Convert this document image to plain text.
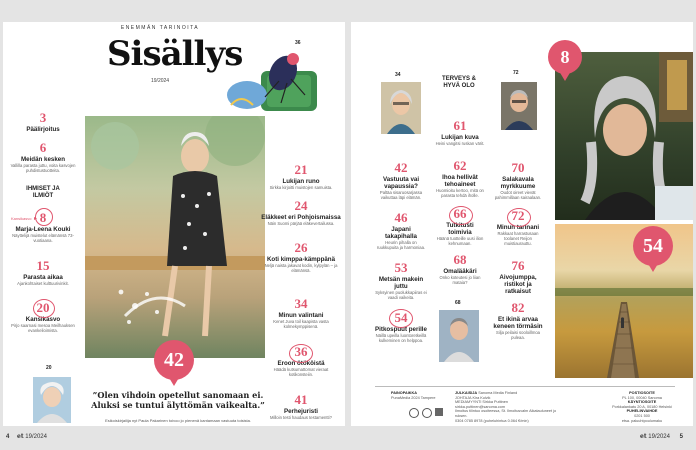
ENEMMÄN TARINOITA
Sisällys
19/2024
36
3
Päälirjoitus
6
Meidän kesken
Vallilla parasta juttu, voita kasvojen puhdistustuotteita.
IHMISET JA ILMIÖT
Kansikasvo ▸ 8
Marja-Leena Kouki
Näyttelijä muistelut elämänsä 73-vuotiaana.
15
Parasta aikaa
Ajankohtaiset kulttuurivinkit.
20
Kansikasvo
Pirjo saarnasi mesoa Meilhauksen evankelioimista.
21
Lukijan runo
Sirkka kirjoitti muistojen samuista.
24
Eläkkeet eri Pohjoismaissa
Näin Suomi pärjää eläkevertailussa.
26
Koti kimppa-kämppänä
Neljä naista jakavat kodin, kylpylän – ja elämänsä.
34
Minun valintani
Kenet Juva toil kaapista vasta kolmekymppisenä.
36
Eroon ötököistä
Häädä kutsumattomat vieraat kotikonsteiin.
41
Perhejuristi
Milloin testi haudaus testamentti?
42
20
”Olen vihdoin opetellut sanomaan ei. Aluksi se tuntui älyttömän vaikealta.”
Esikoiskirjailija nyt Paula Pakarinen toivoo jo pienenä kantamaan vastuuta toisista.
4 et 19/2024
34
TERVEYS & HYVÄ OLO
72
42
Vastuuta vai vapaussia?
Paltäa sisaruosarjassa vaikuttaa läpi elämän.
46
Japani takapihalla
Heurin pihalla on ruukkupuita ja harmoniaa.
53
Metsän makein juttu
Syksyinen puolukkapiiras ei vaadi vaikeita.
54
Pitkospuut perille
Näillä upeilla luontoretkeillä kulkeminen on helppoa.
61
Lukijan kuva
Heini vangitsi ruskan värit.
62
Ihoa hellivät tehoaineet
Huomioitu kertoo, mitä on parasta tehdä iholle.
66
Tutkitusti toimivia
Häänä tuotteille uusi ilion kehnumaan.
68
Omalääkäri
Onko koteutesi jo liian mataia?
68
70
Salakavala myrkkuume
Oudot oireet vievät pahimmillaan sairaalaan.
72
Minun tarinani
Rakkaat harrastusaan toolanet Reijon muistiaurauttu.
76
Aivojumppa, ristikot ja ratkaisut
82
Et ikinä arvaa keneen törmäsin
Silja peilaisi sooloillmoa puleaa.
8
54
PAINOPAIKKA
PunaMedia 2024 Tampere
JULKAISIJA Sanoma Media Finland
JOHTAJA Kira Kulvik
MEDIAMYYNTI Sirkka Puttinen
sirkka.puttinen@sanoma.com
Ilmoitus tilintuo osoiteessa, St. Ilmoitusvalm Aikatauluneet jo ruksen.
0304 0785 8978 (puheluhintua 0.064 €/min)
POSTIOSOITE
PL 100, 00040 Sanoma
KÄYNTIOSOITE
Porkkalankatu 20 A, 00180 Helsinki
PUHELINVAIHDE
0201 500
etsa. paluuhtpoulumaku
et 19/2024 5
